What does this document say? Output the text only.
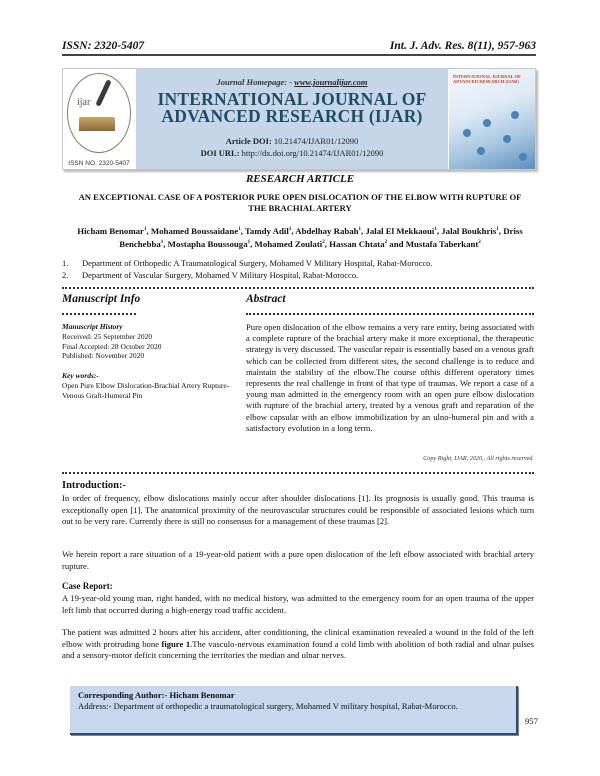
ISSN: 2320-5407	Int. J. Adv. Res. 8(11), 957-963
ijar
ISSN NO. 2320-5407
Journal Homepage: - www.journalijar.com
INTERNATIONAL JOURNAL OF
ADVANCED RESEARCH (IJAR)
Article DOI: 10.21474/IJAR01/12090
DOI URL: http://dx.doi.org/10.21474/IJAR01/12090
INTERNATIONAL JOURNAL OF ADVANCED RESEARCH (IJAR)
RESEARCH ARTICLE
AN EXCEPTIONAL CASE OF A POSTERIOR PURE OPEN DISLOCATION OF THE ELBOW WITH RUPTURE OF THE BRACHIAL ARTERY
Hicham Benomar$^1$, Mohamed Boussaidane$^1$, Tamdy Adil$^1$, Abdelhay Rabah$^1$, Jalal El Mekkaoui$^1$, Jalal Boukhris$^1$, Driss Benchebba$^1$, Mostapha Boussouga$^1$, Mohamed Zoulati$^2$, Hassan Chtata$^2$ and Mustafa Taberkant$^2$
1. Department of Orthopedic A Traumatological Surgery, Mohamed V Military Hospital, Rabat-Morocco.
2. Department of Vascular Surgery, Mohamed V Military Hospital, Rabat-Morocco.
Manuscript Info	Abstract
Manuscript History
Received: 25 September 2020
Final Accepted: 28 October 2020
Published: November 2020
Key words:-
Open Pure Elbow Dislocation-Brachial Artery Rupture- Venous Graft-Humeral Pin
Pure open dislocation of the elbow remains a very rare entity, being associated with a complete rupture of the brachial artery make it more exceptional, the therapeutic strategy is very discussed. The vascular repair is essentially based on a venous graft which can be collected from different sites, the second challenge is to reduce and maintain the stability of the elbow.The course ofthis different operatory times represents the real challenge in front of that type of traumas. We report a case of a young man admitted in the emergency room with an open pure elbow dislocation with rupture of the brachial artery, treated by a venous graft and reparation of the elbow capsular with an elbow immobilization by an ulno-humeral pin and with a satisfactory evolution in a long term.
Copy Right, IJAR, 2020,. All rights reserved.
Introduction:-
In order of frequency, elbow dislocations mainly occur after shoulder dislocations [1]. Its prognosis is usually good. This trauma is exceptionally open [1]. The anatomical proximity of the neurovascular structures could be responsible of associated lesions which turn out to be very rare. Currently there is still no consensus for a management of these traumas [2].
We herein report a rare situation of a 19-year-old patient with a pure open dislocation of the left elbow associated with brachial artery rupture.
Case Report:
A 19-year-old young man, right handed, with no medical history, was admitted to the emergency room for an open trauma of the upper left limb that occurred during a high-energy road traffic accident.
The patient was admitted 2 hours after his accident, after conditioning, the clinical examination revealed a wound in the fold of the left elbow with protruding bone figure 1.The vasculo-nervous examination found a cold limb with abolition of both radial and ulnar pulses and a sensory-motor deficit concerning the territories the median and ulnar nerves.
Corresponding Author:- Hicham Benomar
Address:- Department of orthopedic a traumatological surgery, Mohamed V military hospital, Rabat-Morocco.
957
